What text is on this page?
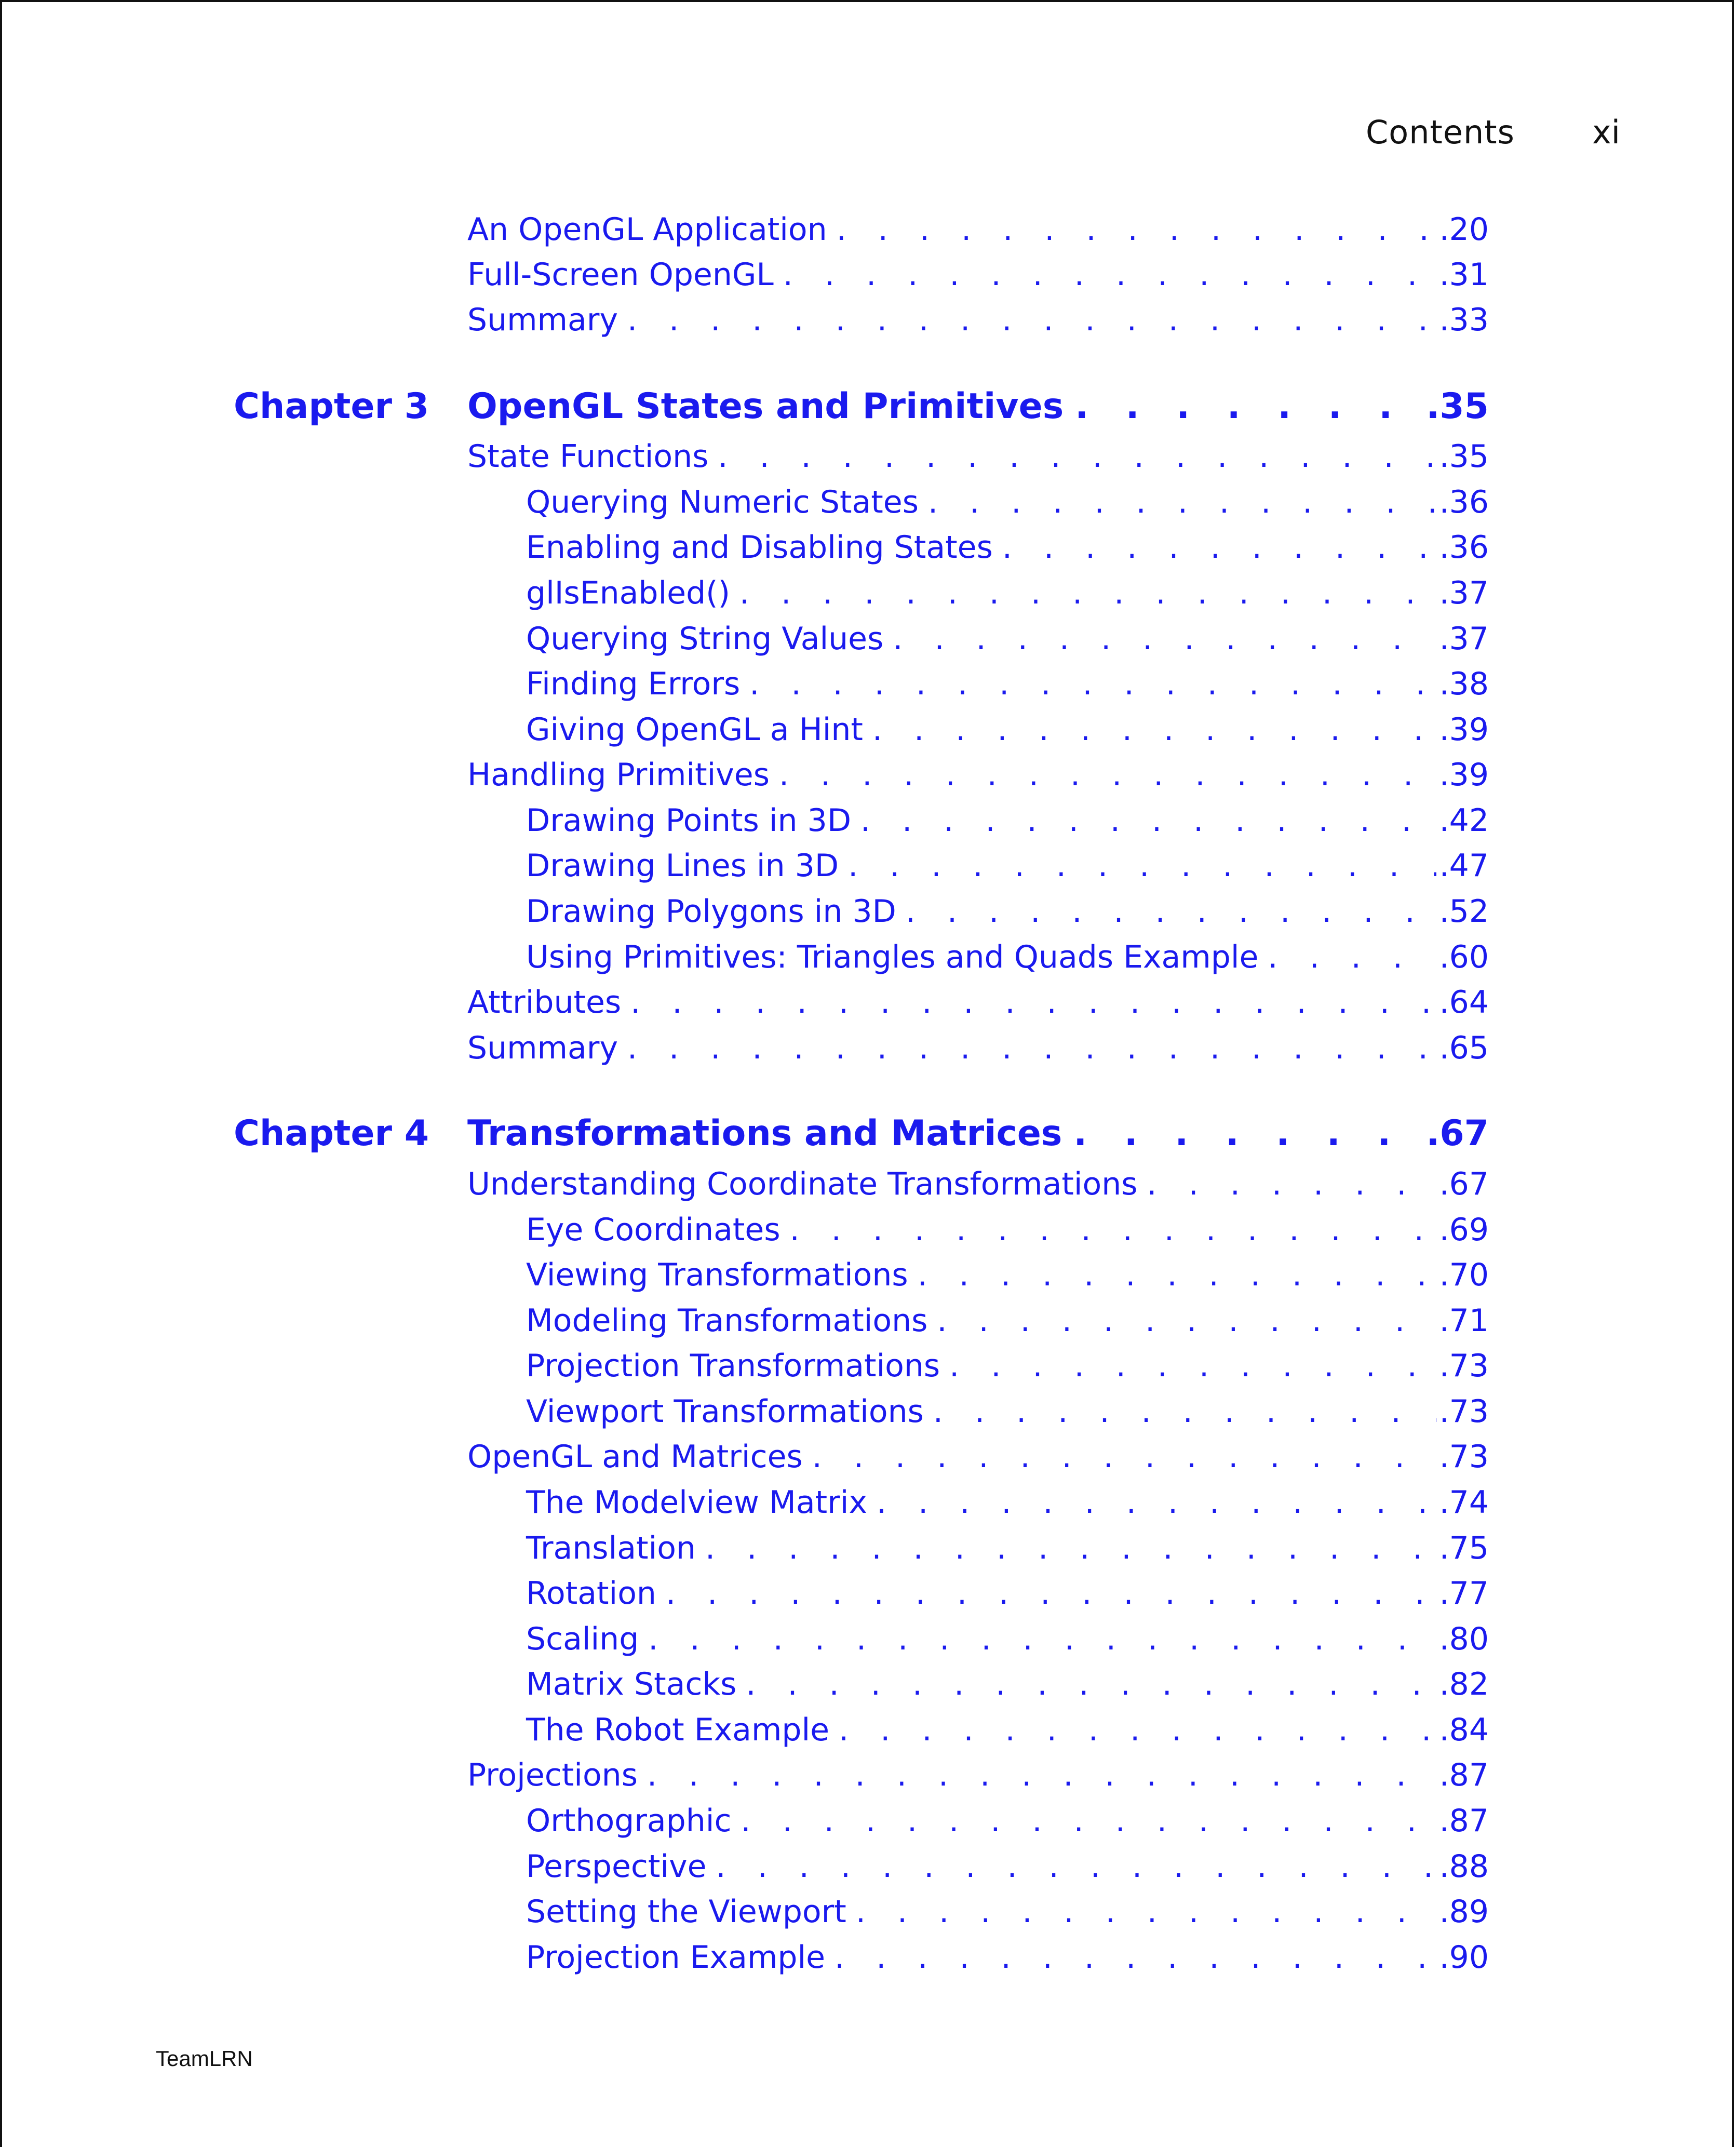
Contents xi
An OpenGL Application . . .	.20
Full-Screen OpenGL . . .	.31
Summary . . .	.33
Chapter 3 OpenGL States and Primitives . . .	.35
State Functions . . .	.35
Querying Numeric States . . .	.36
Enabling and Disabling States . . .	.36
glIsEnabled() . . .	.37
Querying String Values . . .	.37
Finding Errors . . .	.38
Giving OpenGL a Hint . . .	.39
Handling Primitives . . .	.39
Drawing Points in 3D . . .	.42
Drawing Lines in 3D . . .	.47
Drawing Polygons in 3D . . .	.52
Using Primitives: Triangles and Quads Example . . .	.60
Attributes . . .	.64
Summary . . .	.65
Chapter 4 Transformations and Matrices . . .	.67
Understanding Coordinate Transformations . . .	.67
Eye Coordinates . . .	.69
Viewing Transformations . . .	.70
Modeling Transformations . . .	.71
Projection Transformations . . .	.73
Viewport Transformations . . .	.73
OpenGL and Matrices . . .	.73
The Modelview Matrix . . .	.74
Translation . . .	.75
Rotation . . .	.77
Scaling . . .	.80
Matrix Stacks . . .	.82
The Robot Example . . .	.84
Projections . . .	.87
Orthographic . . .	.87
Perspective . . .	.88
Setting the Viewport . . .	.89
Projection Example . . .	.90
TeamLRN
